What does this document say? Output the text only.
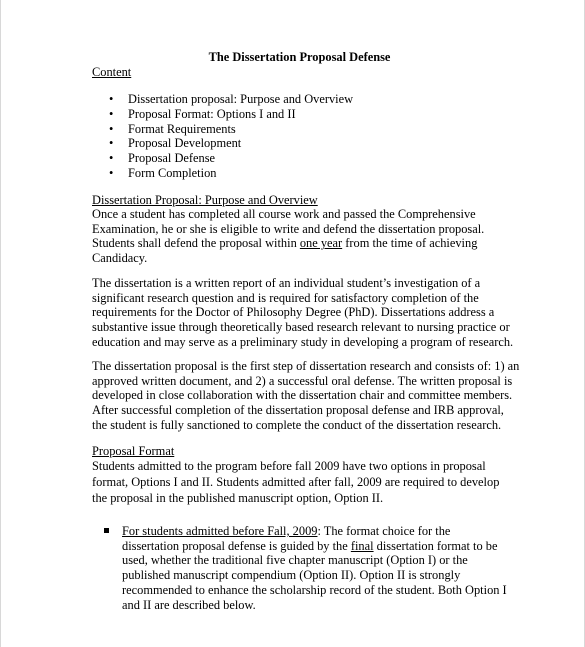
The Dissertation Proposal Defense
Content
• Dissertation proposal: Purpose and Overview
• Proposal Format: Options I and II
• Format Requirements
• Proposal Development
• Proposal Defense
• Form Completion
Dissertation Proposal: Purpose and Overview
Once a student has completed all course work and passed the Comprehensive
Examination, he or she is eligible to write and defend the dissertation proposal.
Students shall defend the proposal within one year from the time of achieving
Candidacy.
The dissertation is a written report of an individual student’s investigation of a
significant research question and is required for satisfactory completion of the
requirements for the Doctor of Philosophy Degree (PhD). Dissertations address a
substantive issue through theoretically based research relevant to nursing practice or
education and may serve as a preliminary study in developing a program of research.
The dissertation proposal is the first step of dissertation research and consists of: 1) an
approved written document, and 2) a successful oral defense. The written proposal is
developed in close collaboration with the dissertation chair and committee members.
After successful completion of the dissertation proposal defense and IRB approval,
the student is fully sanctioned to complete the conduct of the dissertation research.
Proposal Format
Students admitted to the program before fall 2009 have two options in proposal
format, Options I and II. Students admitted after fall, 2009 are required to develop
the proposal in the published manuscript option, Option II.
For students admitted before Fall, 2009: The format choice for the
dissertation proposal defense is guided by the final dissertation format to be
used, whether the traditional five chapter manuscript (Option I) or the
published manuscript compendium (Option II). Option II is strongly
recommended to enhance the scholarship record of the student. Both Option I
and II are described below.
